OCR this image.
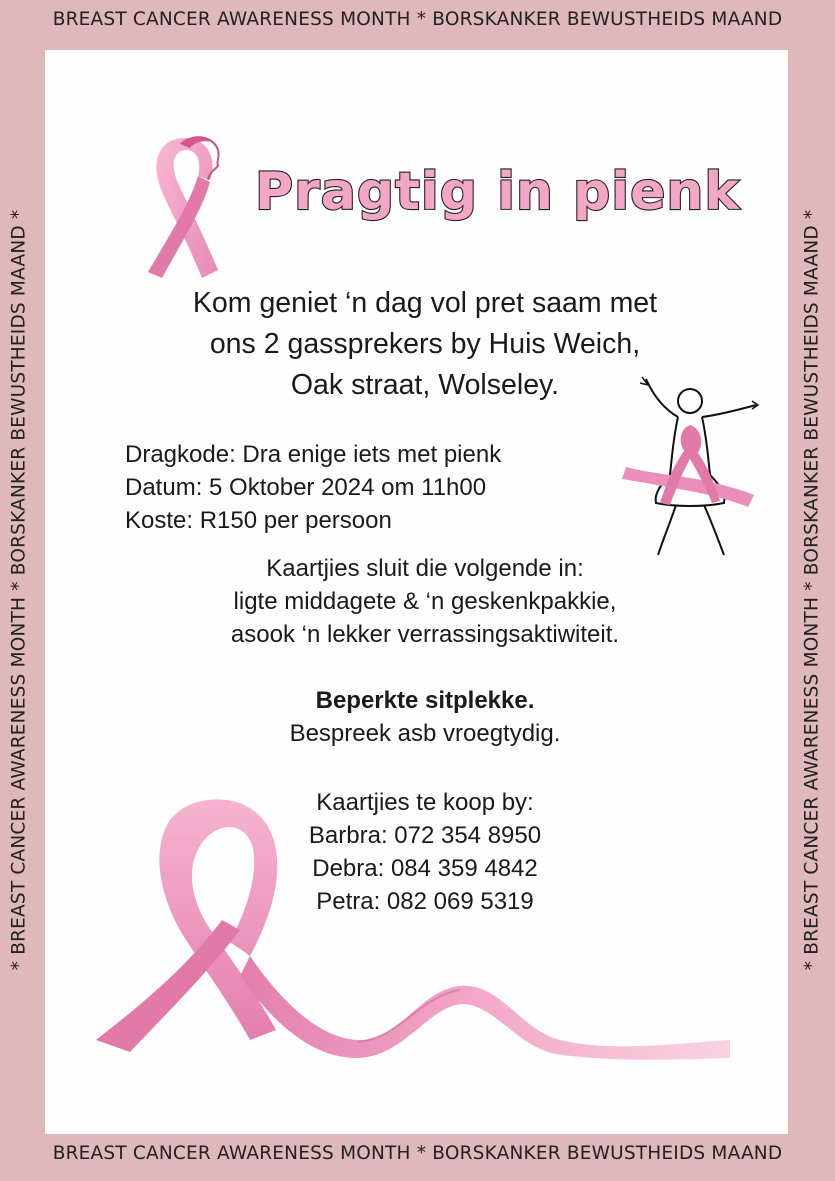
BREAST CANCER AWARENESS MONTH * BORSKANKER BEWUSTHEIDS MAAND
BREAST CANCER AWARENESS MONTH * BORSKANKER BEWUSTHEIDS MAAND
* BREAST CANCER AWARENESS MONTH * BORSKANKER BEWUSTHEIDS MAAND *	* BREAST CANCER AWARENESS MONTH * BORSKANKER BEWUSTHEIDS MAAND *
Pragtig in pienk
Kom geniet ‘n dag vol pret saam met
ons 2 gassprekers by Huis Weich,
Oak straat, Wolseley.
Dragkode: Dra enige iets met pienk
Datum: 5 Oktober 2024 om 11h00
Koste: R150 per persoon
Kaartjies sluit die volgende in:
ligte middagete & ‘n geskenkpakkie,
asook ‘n lekker verrassingsaktiwiteit.
Beperkte sitplekke.
Bespreek asb vroegtydig.
Kaartjies te koop by:
Barbra: 072 354 8950
Debra: 084 359 4842
Petra: 082 069 5319
